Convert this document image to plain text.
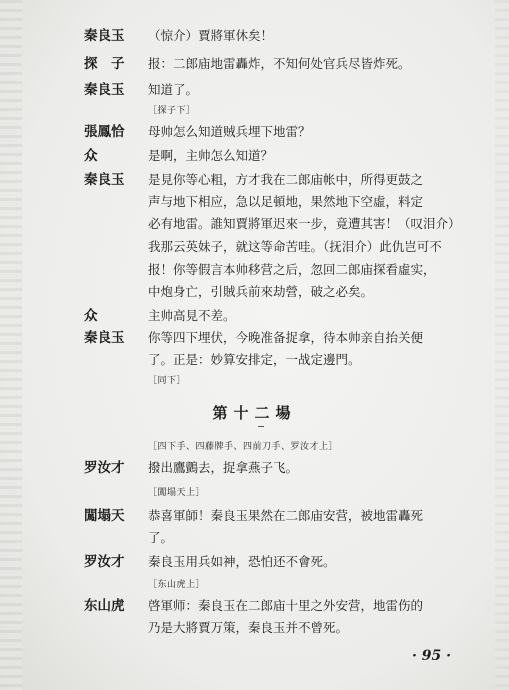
秦良玉 （惊介）賈將軍休矣！
探　子 报：二郎庙地雷轟炸，不知何处官兵尽皆炸死。
秦良玉 知道了。
［探子下］
張鳳恰 母帅怎么知道贼兵埋下地雷？
众	是啊，主帅怎么知道？
秦良玉 是見你等心粗，方才我在二郎庙帐中，所得更鼓之
声与地下相应，急以足頓地，果然地下空虛，料定
必有地雷。誰知賈將軍迟來一步，竟遭其害！（叹泪介）
我那云英妹子，就这等命苦哇。（抚泪介）此仇岂可不
报！你等假言本帅移营之后，忽回二郎庙探看虛实，
中炮身亡，引賊兵前來劫營，破之必矣。
众	主帅高見不差。
秦良玉 你等四下埋伏，今晚准备捉拿，待本帅亲自抬关便
了。正是：妙算安排定，一战定邊門。
［同下］
第十二場
［四下手、四藤牌手、四前刀手、罗汝才上］
罗汝才 撥出鷹鸇去，捉拿燕子飞。
［闖塌天上］
闖塌天 恭喜軍師！秦良玉果然在二郎庙安营，被地雷轟死
了。
罗汝才 秦良玉用兵如神，恐怕还不會死。
［东山虎上］
东山虎 啓軍师：秦良玉在二郎庙十里之外安营，地雷伤的
乃是大將賈万策，秦良玉并不曾死。
· 95 ·
